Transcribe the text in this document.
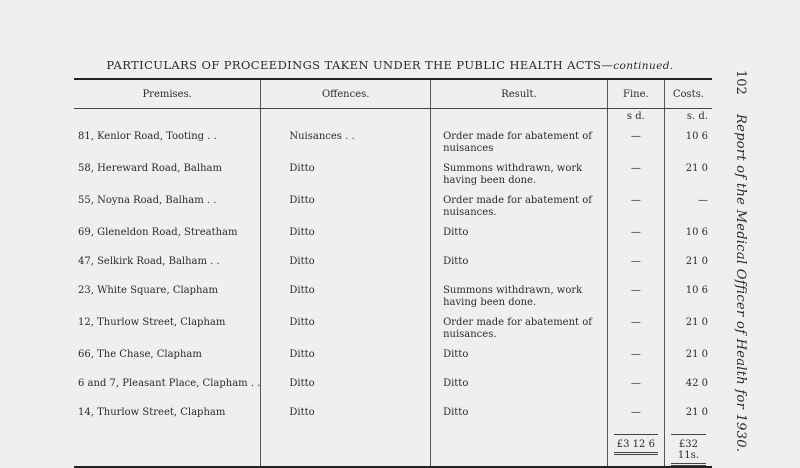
PARTICULARS OF PROCEEDINGS TAKEN UNDER THE PUBLIC HEALTH ACTS—continued.
102
Report of the Medical Officer of Health for 1930.
Premises.	Offences.	Result.	Fine.	Costs.
			s d.	s. d.
81, Kenlor Road, Tooting . .	Nuisances . .	Order made for abatement of nuisances	—	10 6
58, Hereward Road, Balham	Ditto	Summons withdrawn, work having been done.	—	21 0
55, Noyna Road, Balham . .	Ditto	Order made for abatement of nuisances.	—	—
69, Gleneldon Road, Streatham	Ditto	Ditto	—	10 6
47, Selkirk Road, Balham . .	Ditto	Ditto	—	21 0
23, White Square, Clapham	Ditto	Summons withdrawn, work having been done.	—	10 6
12, Thurlow Street, Clapham	Ditto	Order made for abatement of nuisances.	—	21 0
66, The Chase, Clapham	Ditto	Ditto	—	21 0
6 and 7, Pleasant Place, Clapham . .	Ditto	Ditto	—	42 0
14, Thurlow Street, Clapham	Ditto	Ditto	—	21 0

			£3 12 6	£32 11s.
